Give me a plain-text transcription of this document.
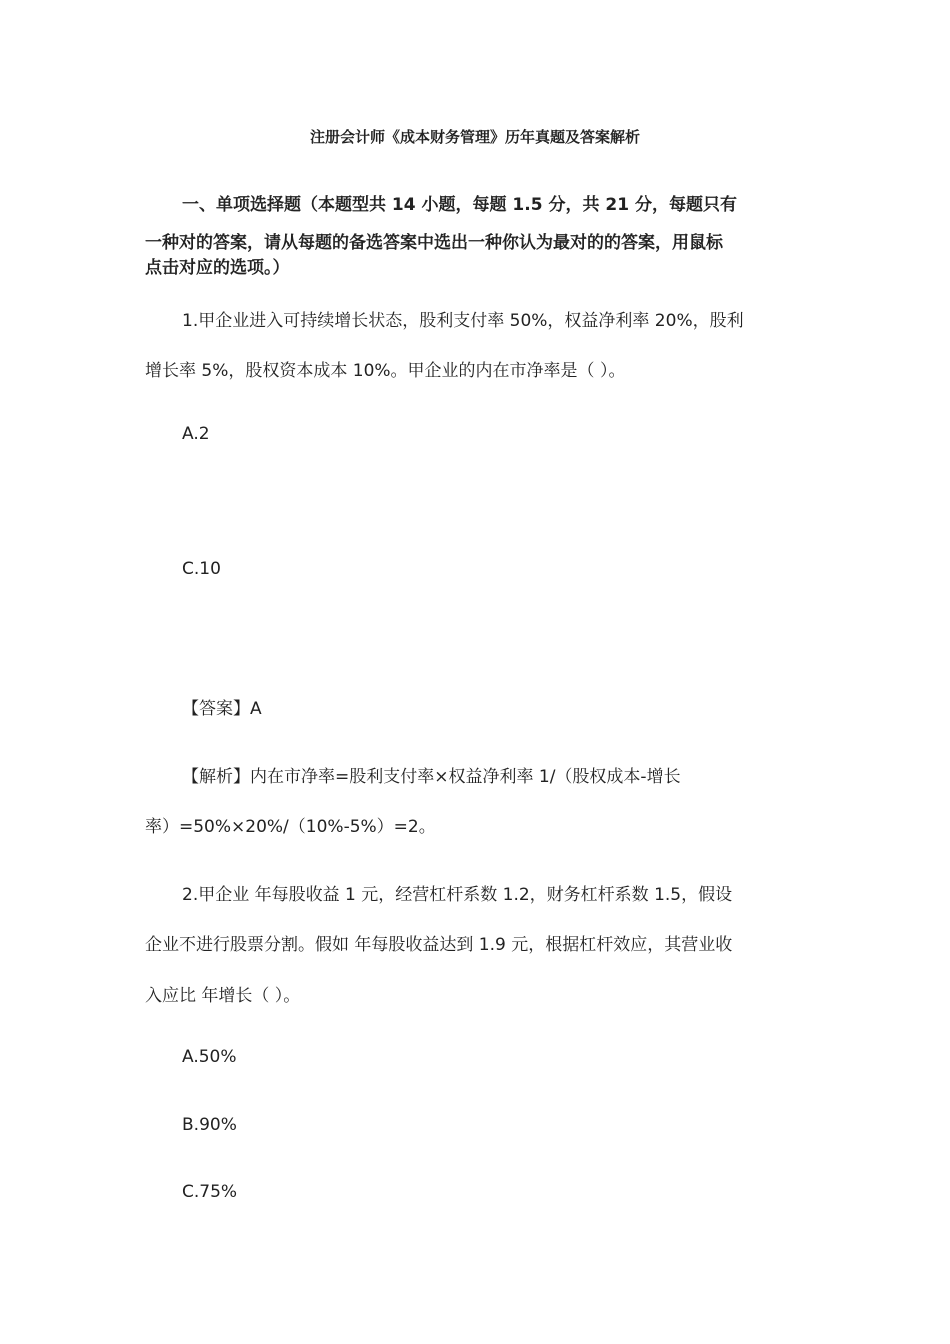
注册会计师《成本财务管理》历年真题及答案解析

一、单项选择题（本题型共 14 小题，每题 1.5 分，共 21 分，每题只有

一种对的答案，请从每题的备选答案中选出一种你认为最对的的答案，用鼠标

点击对应的选项。）

1.甲企业进入可持续增长状态，股利支付率 50%，权益净利率 20%，股利

增长率 5%，股权资本成本 10%。甲企业的内在市净率是（ ）。

A.2

C.10

【答案】A

【解析】内在市净率=股利支付率×权益净利率 1/（股权成本-增长

率）=50%×20%/（10%-5%）=2。

2.甲企业 年每股收益 1 元，经营杠杆系数 1.2，财务杠杆系数 1.5，假设

企业不进行股票分割。假如 年每股收益达到 1.9 元，根据杠杆效应，其营业收

入应比 年增长（ ）。

A.50%

B.90%

C.75%
